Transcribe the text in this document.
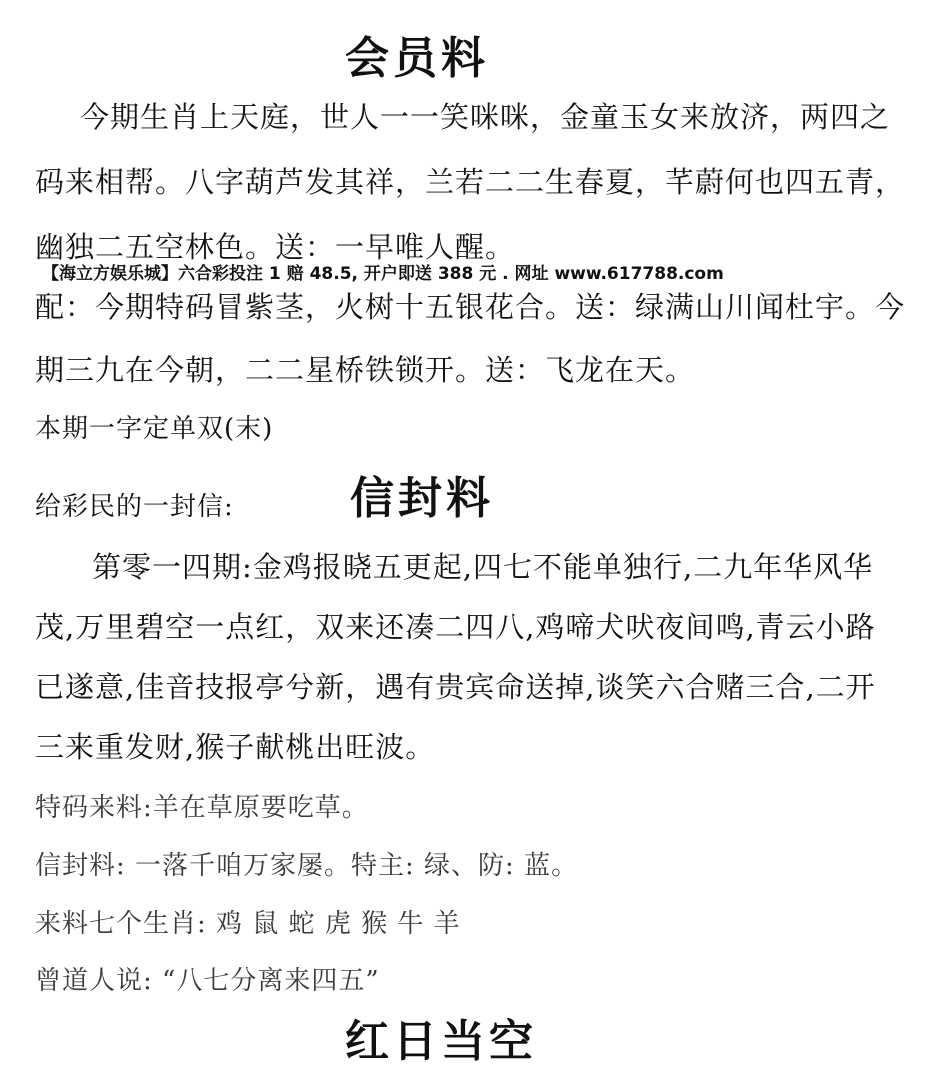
会员料
今期生肖上天庭，世人一一笑咪咪，金童玉女来放济，两四之
码来相帮。八字葫芦发其祥，兰若二二生春夏，芊蔚何也四五青，
幽独二五空林色。送：一早唯人醒。
【海立方娱乐城】六合彩投注 1 赔 48.5, 开户即送 388 元 . 网址 www.617788.com
配：今期特码冒紫茎，火树十五银花合。送：绿满山川闻杜宇。今
期三九在今朝，二二星桥铁锁开。送：飞龙在天。
本期一字定单双(末)
给彩民的一封信:	信封料
第零一四期:金鸡报晓五更起,四七不能单独行,二九年华风华
茂,万里碧空一点红，双来还凑二四八,鸡啼犬吠夜间鸣,青云小路
已遂意,佳音技报亭兮新，遇有贵宾命送掉,谈笑六合赌三合,二开
三来重发财,猴子献桃出旺波。
特码来料:羊在草原要吃草。
信封料: 一落千咱万家屡。特主: 绿、防: 蓝。
来料七个生肖: 鸡 鼠 蛇 虎 猴 牛 羊
曾道人说: “八七分离来四五”
红日当空
